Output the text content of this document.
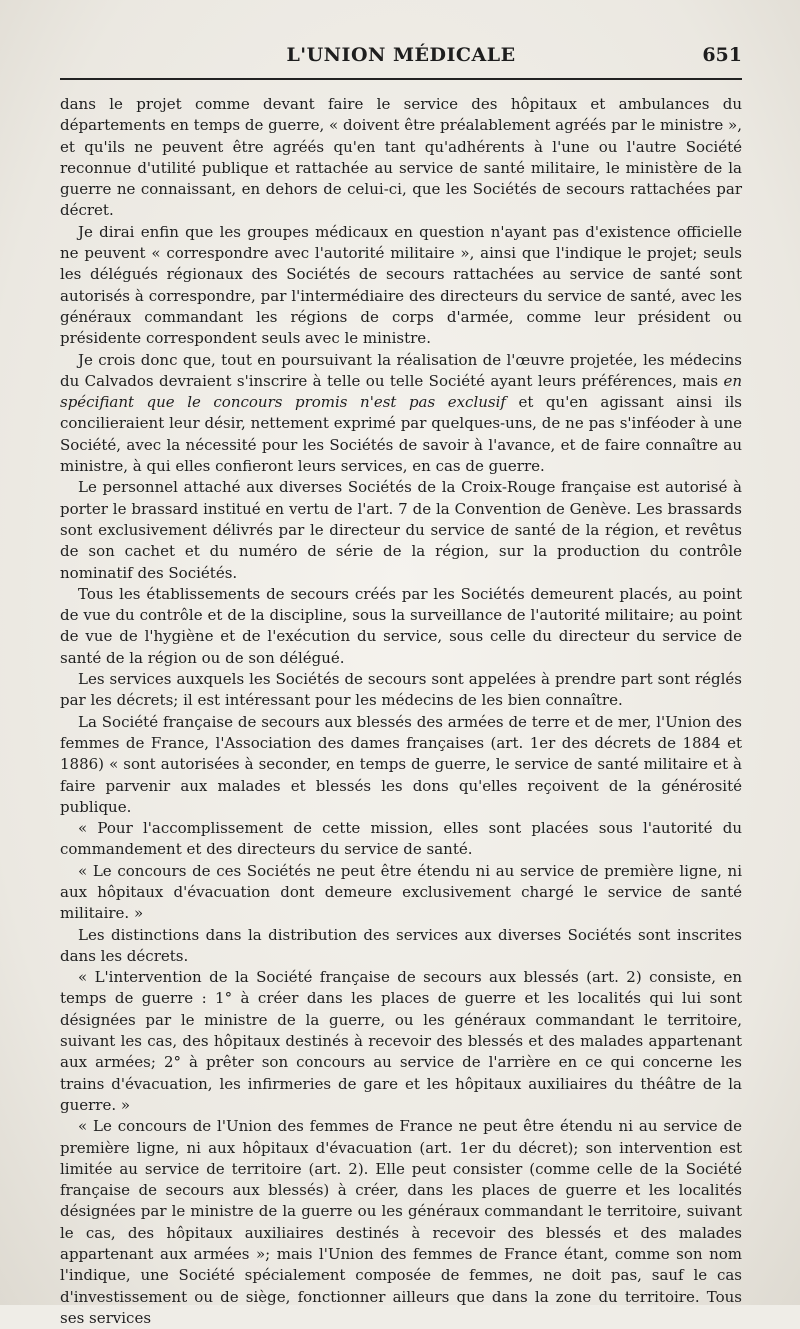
L'UNION MÉDICALE	651

dans le projet comme devant faire le service des hôpitaux et ambulances du départements en temps de guerre, « doivent être préalablement agréés par le ministre », et qu'ils ne peuvent être agréés qu'en tant qu'adhérents à l'une ou l'autre Société reconnue d'utilité publique et rattachée au service de santé militaire, le ministère de la guerre ne connaissant, en dehors de celui-ci, que les Sociétés de secours rattachées par décret.

Je dirai enfin que les groupes médicaux en question n'ayant pas d'existence officielle ne peuvent « correspondre avec l'autorité militaire », ainsi que l'indique le projet; seuls les délégués régionaux des Sociétés de secours rattachées au service de santé sont autorisés à correspondre, par l'intermédiaire des directeurs du service de santé, avec les généraux commandant les régions de corps d'armée, comme leur président ou présidente correspondent seuls avec le ministre.

Je crois donc que, tout en poursuivant la réalisation de l'œuvre projetée, les médecins du Calvados devraient s'inscrire à telle ou telle Société ayant leurs préférences, mais en spécifiant que le concours promis n'est pas exclusif et qu'en agissant ainsi ils concilieraient leur désir, nettement exprimé par quelques-uns, de ne pas s'inféoder à une Société, avec la nécessité pour les Sociétés de savoir à l'avance, et de faire connaître au ministre, à qui elles confieront leurs services, en cas de guerre.

Le personnel attaché aux diverses Sociétés de la Croix-Rouge française est autorisé à porter le brassard institué en vertu de l'art. 7 de la Convention de Genève. Les brassards sont exclusivement délivrés par le directeur du service de santé de la région, et revêtus de son cachet et du numéro de série de la région, sur la production du contrôle nominatif des Sociétés.

Tous les établissements de secours créés par les Sociétés demeurent placés, au point de vue du contrôle et de la discipline, sous la surveillance de l'autorité militaire; au point de vue de l'hygiène et de l'exécution du service, sous celle du directeur du service de santé de la région ou de son délégué.

Les services auxquels les Sociétés de secours sont appelées à prendre part sont réglés par les décrets; il est intéressant pour les médecins de les bien connaître.

La Société française de secours aux blessés des armées de terre et de mer, l'Union des femmes de France, l'Association des dames françaises (art. 1er des décrets de 1884 et 1886) « sont autorisées à seconder, en temps de guerre, le service de santé militaire et à faire parvenir aux malades et blessés les dons qu'elles reçoivent de la générosité publique.

« Pour l'accomplissement de cette mission, elles sont placées sous l'autorité du commandement et des directeurs du service de santé.

« Le concours de ces Sociétés ne peut être étendu ni au service de première ligne, ni aux hôpitaux d'évacuation dont demeure exclusivement chargé le service de santé militaire. »

Les distinctions dans la distribution des services aux diverses Sociétés sont inscrites dans les décrets.

« L'intervention de la Société française de secours aux blessés (art. 2) consiste, en temps de guerre : 1° à créer dans les places de guerre et les localités qui lui sont désignées par le ministre de la guerre, ou les généraux commandant le territoire, suivant les cas, des hôpitaux destinés à recevoir des blessés et des malades appartenant aux armées; 2° à prêter son concours au service de l'arrière en ce qui concerne les trains d'évacuation, les infirmeries de gare et les hôpitaux auxiliaires du théâtre de la guerre. »

« Le concours de l'Union des femmes de France ne peut être étendu ni au service de première ligne, ni aux hôpitaux d'évacuation (art. 1er du décret); son intervention est limitée au service de territoire (art. 2). Elle peut consister (comme celle de la Société française de secours aux blessés) à créer, dans les places de guerre et les localités désignées par le ministre de la guerre ou les généraux commandant le territoire, suivant le cas, des hôpitaux auxiliaires destinés à recevoir des blessés et des malades appartenant aux armées »; mais l'Union des femmes de France étant, comme son nom l'indique, une Société spécialement composée de femmes, ne doit pas, sauf le cas d'investissement ou de siège, fonctionner ailleurs que dans la zone du territoire. Tous ses services
